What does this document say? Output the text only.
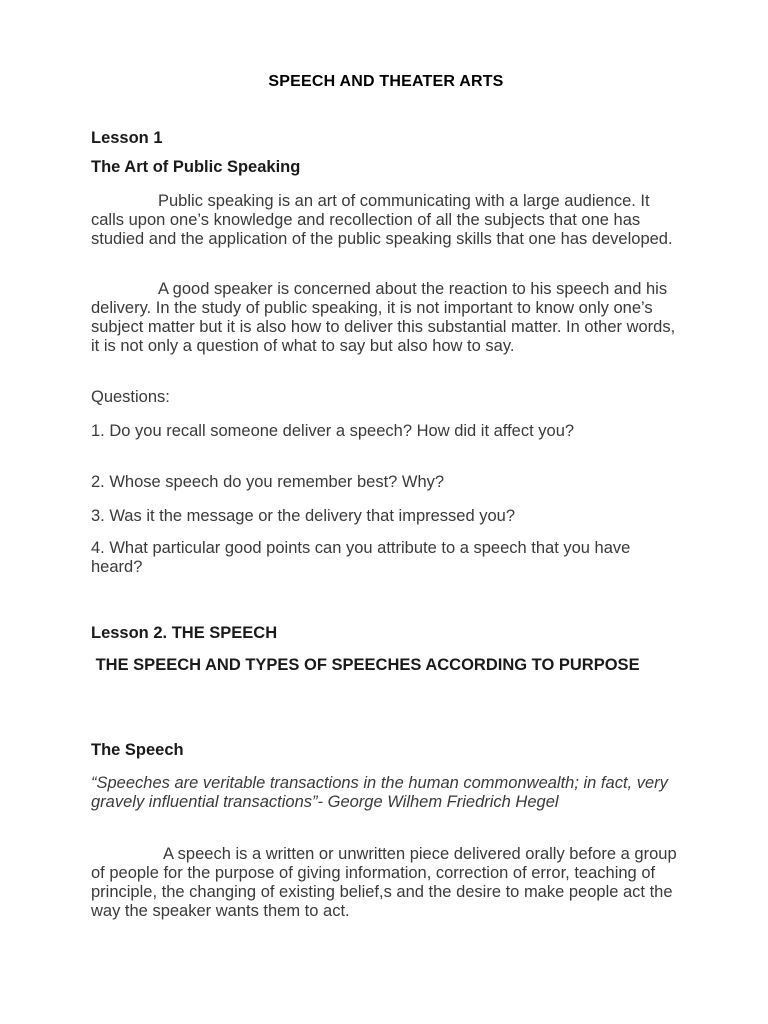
SPEECH AND THEATER ARTS

Lesson 1

The Art of Public Speaking

Public speaking is an art of communicating with a large audience. It calls upon one’s knowledge and recollection of all the subjects that one has studied and the application of the public speaking skills that one has developed.

A good speaker is concerned about the reaction to his speech and his delivery. In the study of public speaking, it is not important to know only one’s subject matter but it is also how to deliver this substantial matter. In other words, it is not only a question of what to say but also how to say.

Questions:

1. Do you recall someone deliver a speech? How did it affect you?

2. Whose speech do you remember best? Why?

3. Was it the message or the delivery that impressed you?

4. What particular good points can you attribute to a speech that you have heard?

Lesson 2. THE SPEECH

THE SPEECH AND TYPES OF SPEECHES ACCORDING TO PURPOSE

The Speech

“Speeches are veritable transactions in the human commonwealth; in fact, very gravely influential transactions”- George Wilhem Friedrich Hegel

A speech is a written or unwritten piece delivered orally before a group of people for the purpose of giving information, correction of error, teaching of principle, the changing of existing belief,s and the desire to make people act the way the speaker wants them to act.
